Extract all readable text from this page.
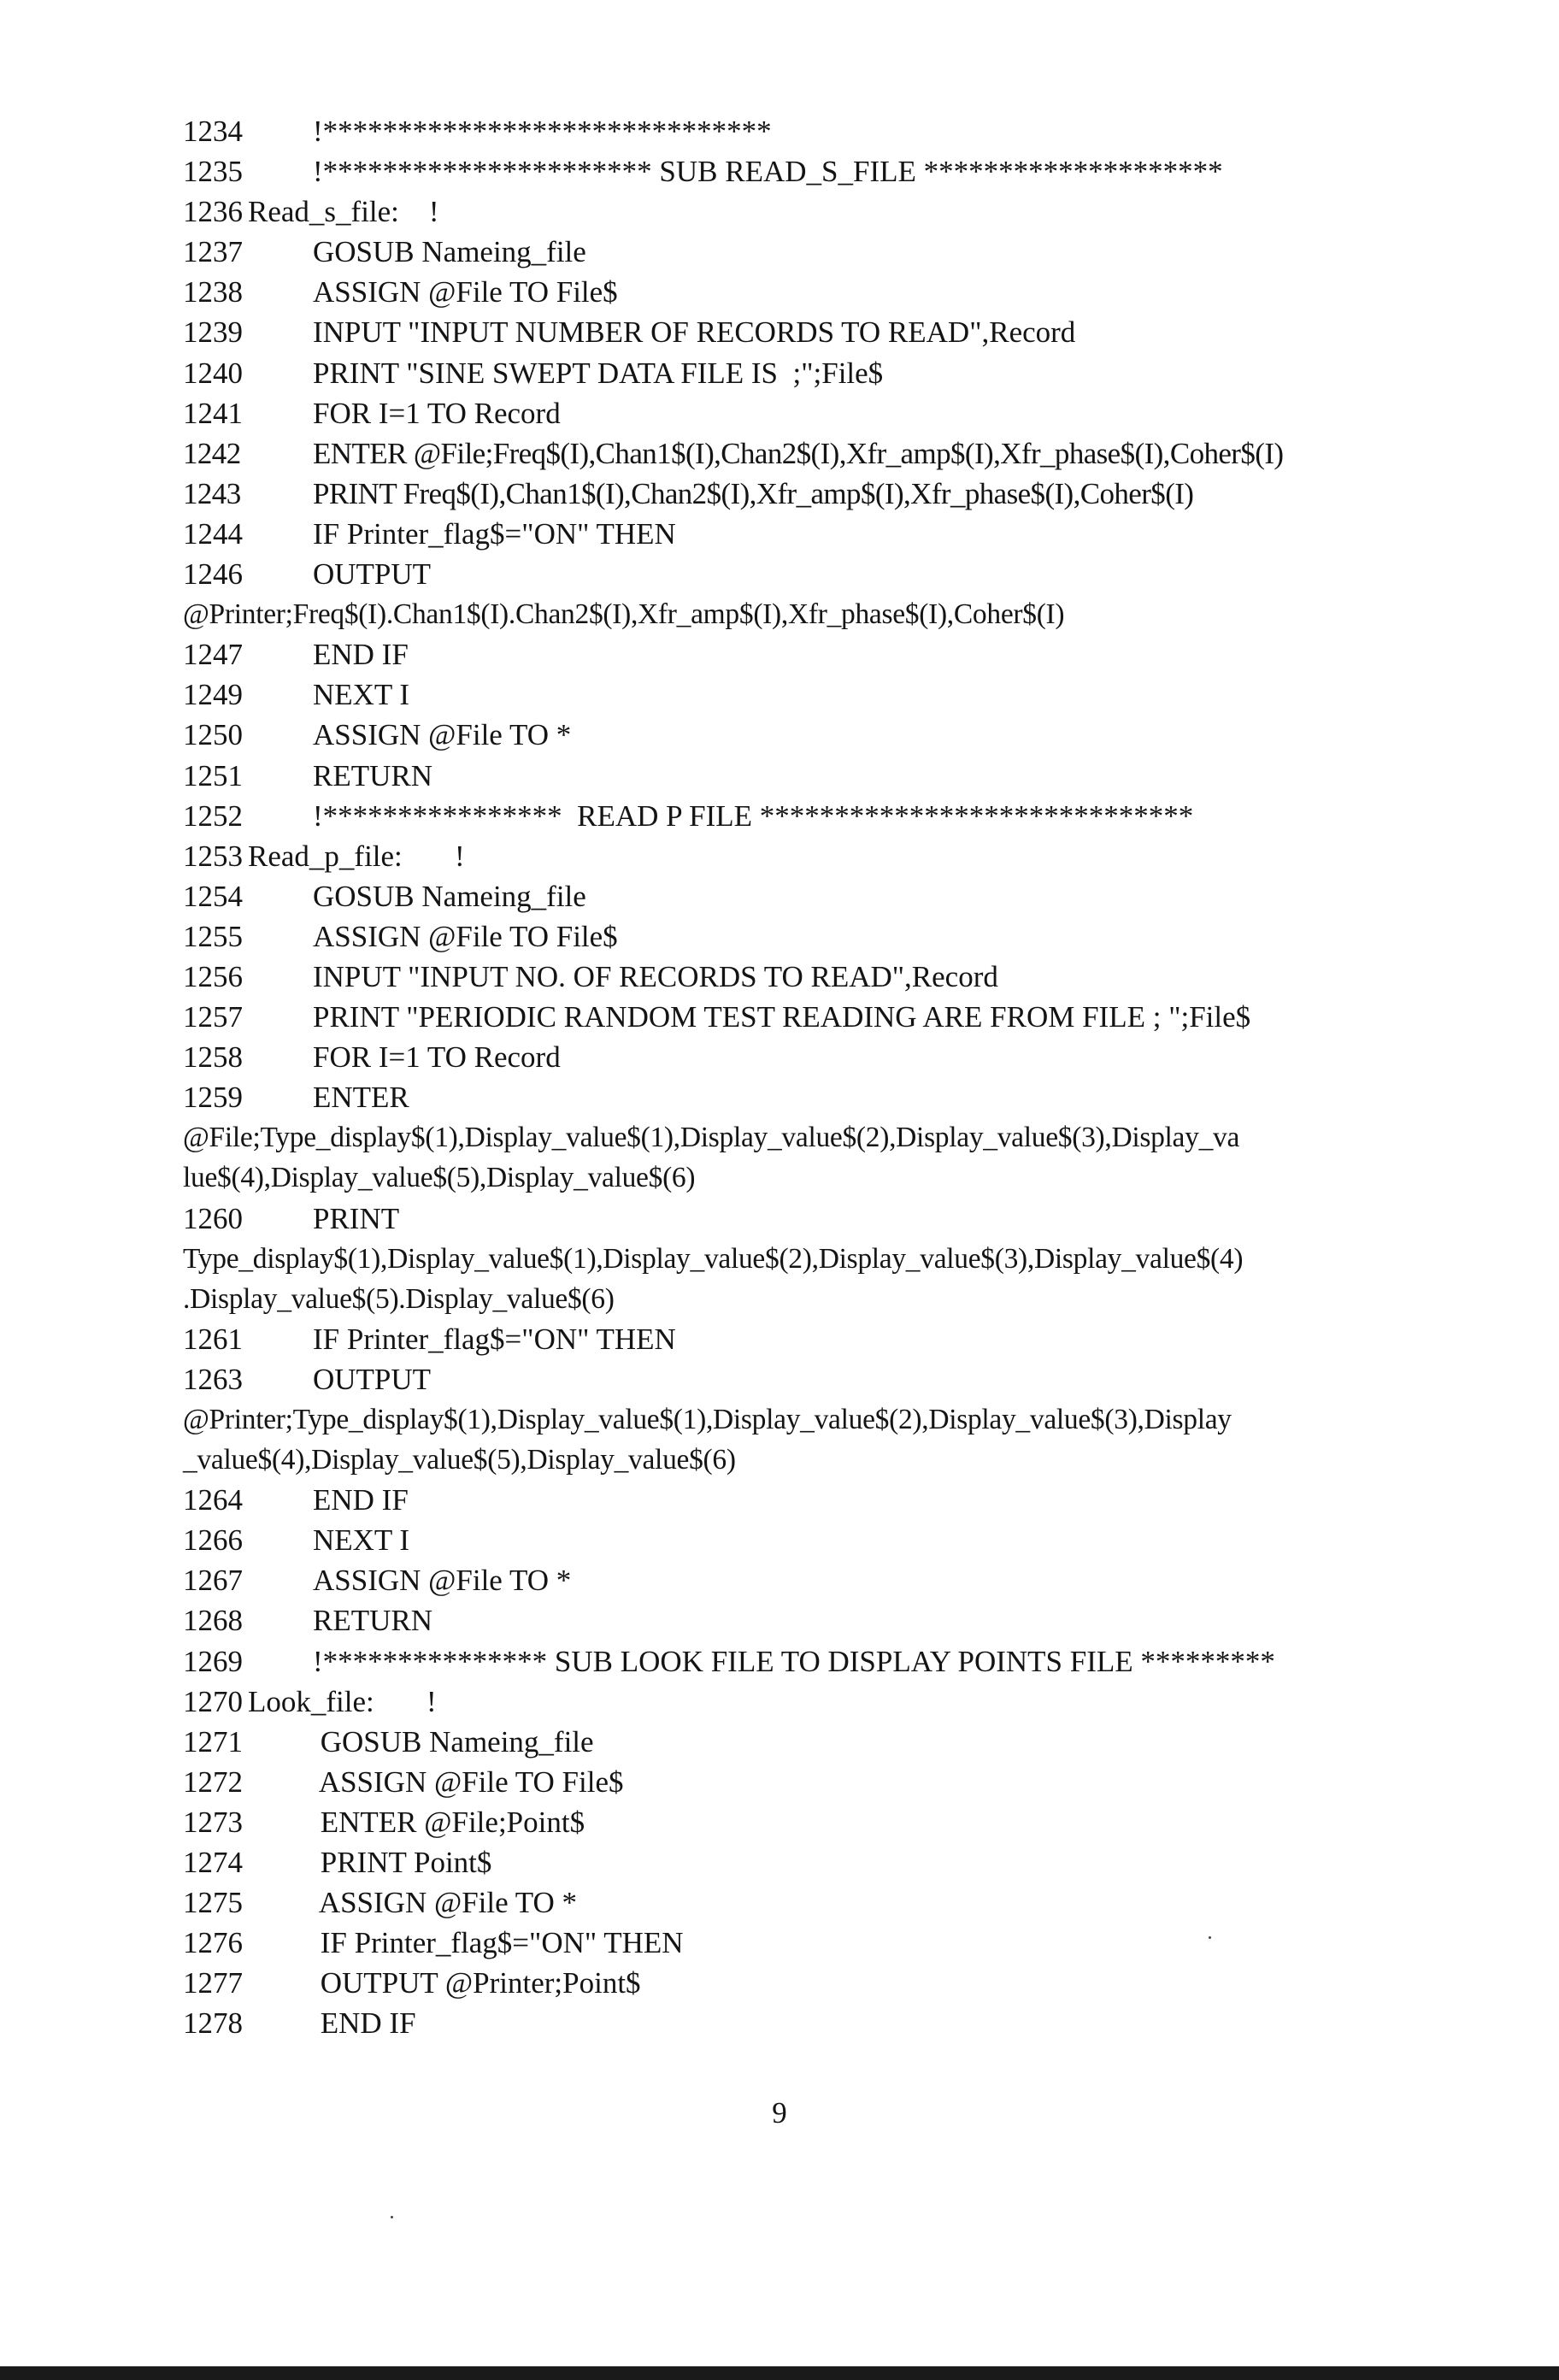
1234 !******************************
1235 !********************** SUB READ_S_FILE ********************
1236 Read_s_file:    !
1237 GOSUB Nameing_file
1238 ASSIGN @File TO File$
1239 INPUT "INPUT NUMBER OF RECORDS TO READ",Record
1240 PRINT "SINE SWEPT DATA FILE IS  ;";File$
1241 FOR I=1 TO Record
1242 ENTER @File;Freq$(I),Chan1$(I),Chan2$(I),Xfr_amp$(I),Xfr_phase$(I),Coher$(I)
1243 PRINT Freq$(I),Chan1$(I),Chan2$(I),Xfr_amp$(I),Xfr_phase$(I),Coher$(I)
1244 IF Printer_flag$="ON" THEN
1246 OUTPUT
@Printer;Freq$(I).Chan1$(I).Chan2$(I),Xfr_amp$(I),Xfr_phase$(I),Coher$(I)
1247 END IF
1249 NEXT I
1250 ASSIGN @File TO *
1251 RETURN
1252 !****************  READ P FILE *****************************
1253 Read_p_file:       !
1254 GOSUB Nameing_file
1255 ASSIGN @File TO File$
1256 INPUT "INPUT NO. OF RECORDS TO READ",Record
1257 PRINT "PERIODIC RANDOM TEST READING ARE FROM FILE ; ";File$
1258 FOR I=1 TO Record
1259 ENTER
@File;Type_display$(1),Display_value$(1),Display_value$(2),Display_value$(3),Display_va
lue$(4),Display_value$(5),Display_value$(6)
1260 PRINT
Type_display$(1),Display_value$(1),Display_value$(2),Display_value$(3),Display_value$(4)
.Display_value$(5).Display_value$(6)
1261 IF Printer_flag$="ON" THEN
1263 OUTPUT
@Printer;Type_display$(1),Display_value$(1),Display_value$(2),Display_value$(3),Display
_value$(4),Display_value$(5),Display_value$(6)
1264 END IF
1266 NEXT I
1267 ASSIGN @File TO *
1268 RETURN
1269 !*************** SUB LOOK FILE TO DISPLAY POINTS FILE *********
1270 Look_file:       !
1271 GOSUB Nameing_file
1272 ASSIGN @File TO File$
1273 ENTER @File;Point$
1274 PRINT Point$
1275 ASSIGN @File TO *
1276 IF Printer_flag$="ON" THEN
1277 OUTPUT @Printer;Point$
1278 END IF
9
